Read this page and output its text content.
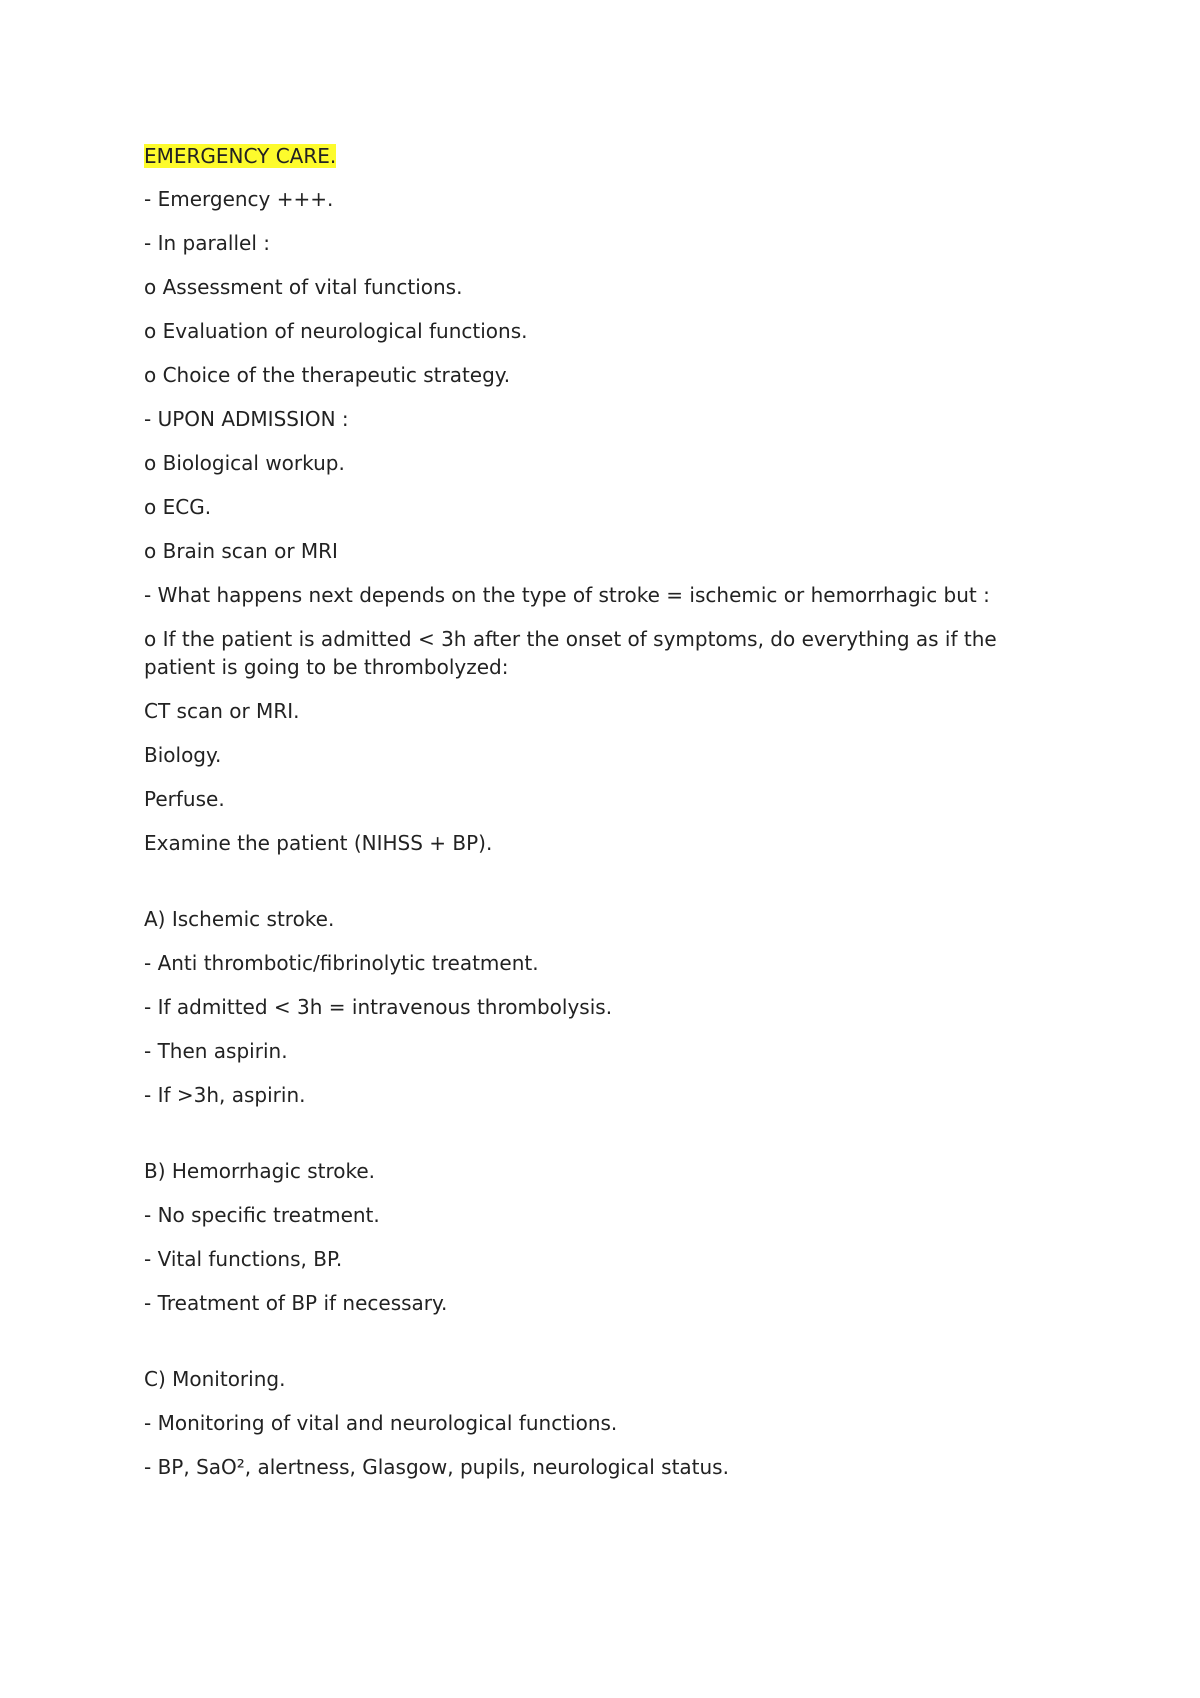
EMERGENCY CARE.
- Emergency +++.
- In parallel :
o Assessment of vital functions.
o Evaluation of neurological functions.
o Choice of the therapeutic strategy.
- UPON ADMISSION :
o Biological workup.
o ECG.
o Brain scan or MRI
- What happens next depends on the type of stroke = ischemic or hemorrhagic but :
o If the patient is admitted < 3h after the onset of symptoms, do everything as if the patient is going to be thrombolyzed:
CT scan or MRI.
Biology.
Perfuse.
Examine the patient (NIHSS + BP).
A) Ischemic stroke.
- Anti thrombotic/fibrinolytic treatment.
- If admitted < 3h = intravenous thrombolysis.
- Then aspirin.
- If >3h, aspirin.
B) Hemorrhagic stroke.
- No specific treatment.
- Vital functions, BP.
- Treatment of BP if necessary.
C) Monitoring.
- Monitoring of vital and neurological functions.
- BP, SaO², alertness, Glasgow, pupils, neurological status.
